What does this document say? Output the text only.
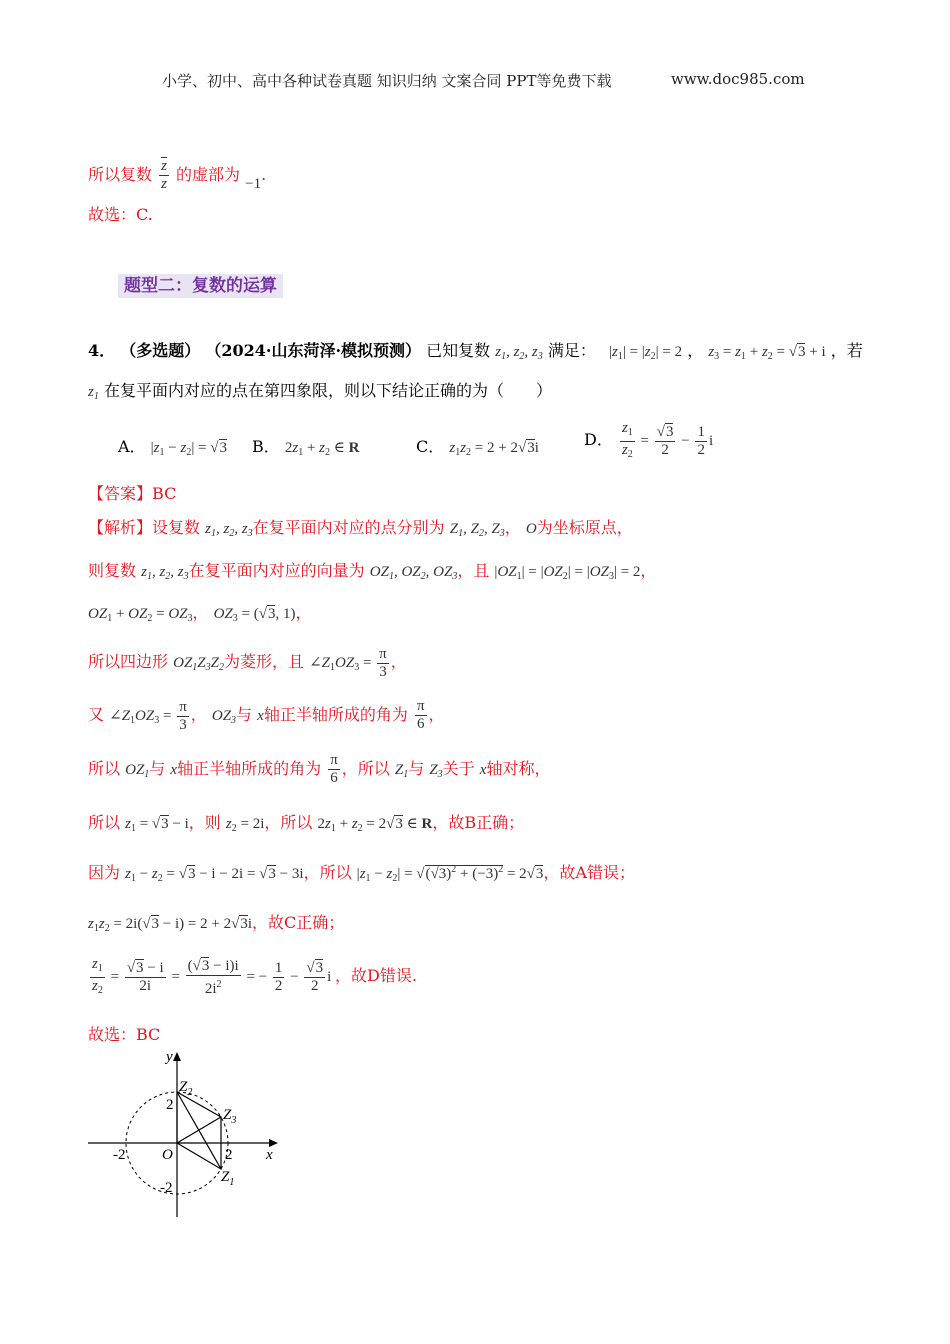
小学、初中、高中各种试卷真题 知识归纳 文案合同 PPT等免费下载	www.doc985.com
所以复数 $\frac{\overline{z}}{z}$ 的虚部为 −1.
故选：C.
题型二：复数的运算
4． （多选题） （2024·山东菏泽·模拟预测） 已知复数 $z_1$, $z_2$, $z_3$ 满足： $|z_1| = |z_2| = 2$ ， $z_3 = z_1 + z_2 = √3 + i$ ，若
$z_1$ 在复平面内对应的点在第四象限，则以下结论正确的为（　　）
A． $|z_1 - z_2| = √3$ B． $2z_1 + z_2$ ∈ R	C． $z_1z_2 = 2 + 2√3i$	D． $\frac{z_1}{z_2} = \frac{√3}{2} - \frac{1}{2}$ i
【答案】BC
【解析】设复数 $z_1$, $z_2$, $z_3$在复平面内对应的点分别为 $Z_1$, $Z_2$, $Z_3$， O为坐标原点，
则复数 $z_1$, $z_2$, $z_3$在复平面内对应的向量为 $OZ_1$, $OZ_2$, $OZ_3$，且 $|OZ_1| = |OZ_2| = |OZ_3| = 2$，
$OZ_1 + OZ_2 = OZ_3$， $OZ_3 = (√3$, 1)，
所以四边形 $OZ_1Z_3Z_2$为菱形，且 $\angle Z_1OZ_3 = \frac{\pi}{3}$ ，
又 $\angle Z_1OZ_3 = \frac{\pi}{3}$ ， $OZ_3$与 x轴正半轴所成的角为 $\frac{\pi}{6}$ ，
所以 $OZ_1$与 x轴正半轴所成的角为 $\frac{\pi}{6}$ ，所以 $Z_1$与 $Z_3$关于 x轴对称，
所以 $z_1 = √3 - i$，则 $z_2 = 2i$，所以 $2z_1 + z_2 = 2√3$ ∈ R，故B正确；
因为 $z_1 - z_2 = √3 - i - 2i = √3 - 3i$，所以 $|z_1 - z_2| = √(√3)^2 + (-3)^2 = 2√3$，故A错误；
$z_1z_2 = 2i(√3 - i) = 2 + 2√3i$，故C正确；
$\frac{z_1}{z_2} = \frac{√3 - i}{2i} = \frac{(√3 - i)i}{2i^2}$ = − $\frac{1}{2} - \frac{√3}{2}$ i ，故D错误.
故选：BC
x
y
O
-2	2
2
-2
$Z_2$
$Z_3$
$Z_1$
